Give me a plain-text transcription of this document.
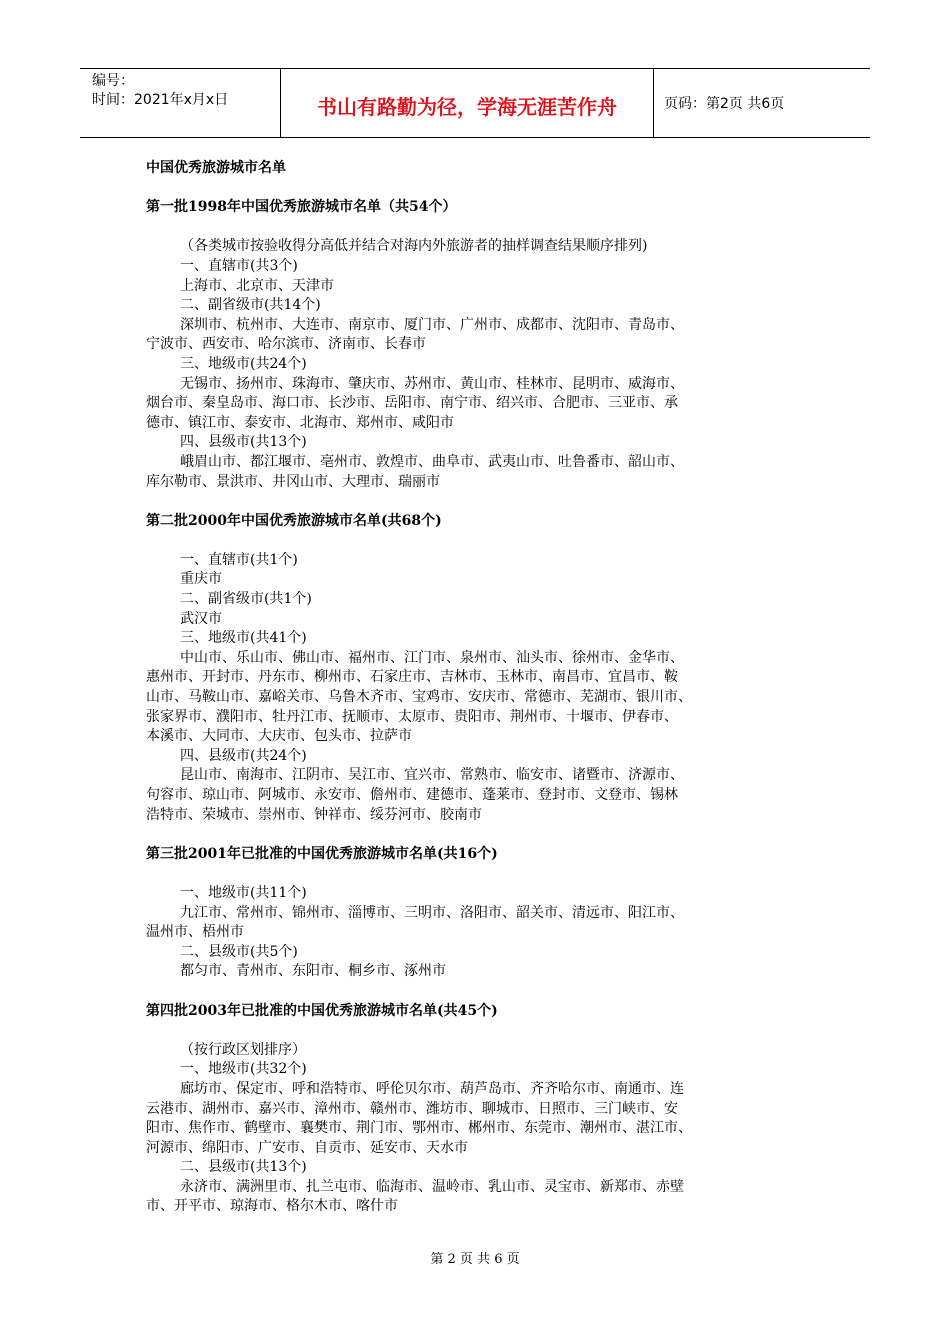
编号：
时间：2021年x月x日	书山有路勤为径，学海无涯苦作舟	页码：第2页 共6页
中国优秀旅游城市名单
第一批1998年中国优秀旅游城市名单（共54个）
（各类城市按验收得分高低并结合对海内外旅游者的抽样调查结果顺序排列)
一、直辖市(共3个)
上海市、北京市、天津市
二、副省级市(共14个)
深圳市、杭州市、大连市、南京市、厦门市、广州市、成都市、沈阳市、青岛市、
宁波市、西安市、哈尔滨市、济南市、长春市
三、地级市(共24个)
无锡市、扬州市、珠海市、肇庆市、苏州市、黄山市、桂林市、昆明市、威海市、
烟台市、秦皇岛市、海口市、长沙市、岳阳市、南宁市、绍兴市、合肥市、三亚市、承
德市、镇江市、泰安市、北海市、郑州市、咸阳市
四、县级市(共13个)
峨眉山市、都江堰市、亳州市、敦煌市、曲阜市、武夷山市、吐鲁番市、韶山市、
库尔勒市、景洪市、井冈山市、大理市、瑞丽市
第二批2000年中国优秀旅游城市名单(共68个)
一、直辖市(共1个)
重庆市
二、副省级市(共1个)
武汉市
三、地级市(共41个)
中山市、乐山市、佛山市、福州市、江门市、泉州市、汕头市、徐州市、金华市、
惠州市、开封市、丹东市、柳州市、石家庄市、吉林市、玉林市、南昌市、宜昌市、鞍
山市、马鞍山市、嘉峪关市、乌鲁木齐市、宝鸡市、安庆市、常德市、芜湖市、银川市、
张家界市、濮阳市、牡丹江市、抚顺市、太原市、贵阳市、荆州市、十堰市、伊春市、
本溪市、大同市、大庆市、包头市、拉萨市
四、县级市(共24个)
昆山市、南海市、江阴市、吴江市、宜兴市、常熟市、临安市、诸暨市、济源市、
句容市、琼山市、阿城市、永安市、儋州市、建德市、蓬莱市、登封市、文登市、锡林
浩特市、荣城市、崇州市、钟祥市、绥芬河市、胶南市
第三批2001年已批准的中国优秀旅游城市名单(共16个)
一、地级市(共11个)
九江市、常州市、锦州市、淄博市、三明市、洛阳市、韶关市、清远市、阳江市、
温州市、梧州市
二、县级市(共5个)
都匀市、青州市、东阳市、桐乡市、涿州市
第四批2003年已批准的中国优秀旅游城市名单(共45个)
（按行政区划排序）
一、地级市(共32个)
廊坊市、保定市、呼和浩特市、呼伦贝尔市、葫芦岛市、齐齐哈尔市、南通市、连
云港市、湖州市、嘉兴市、漳州市、赣州市、潍坊市、聊城市、日照市、三门峡市、安
阳市、焦作市、鹤壁市、襄樊市、荆门市、鄂州市、郴州市、东莞市、潮州市、湛江市、
河源市、绵阳市、广安市、自贡市、延安市、天水市
二、县级市(共13个)
永济市、满洲里市、扎兰屯市、临海市、温岭市、乳山市、灵宝市、新郑市、赤壁
市、开平市、琼海市、格尔木市、喀什市
第 2 页 共 6 页
